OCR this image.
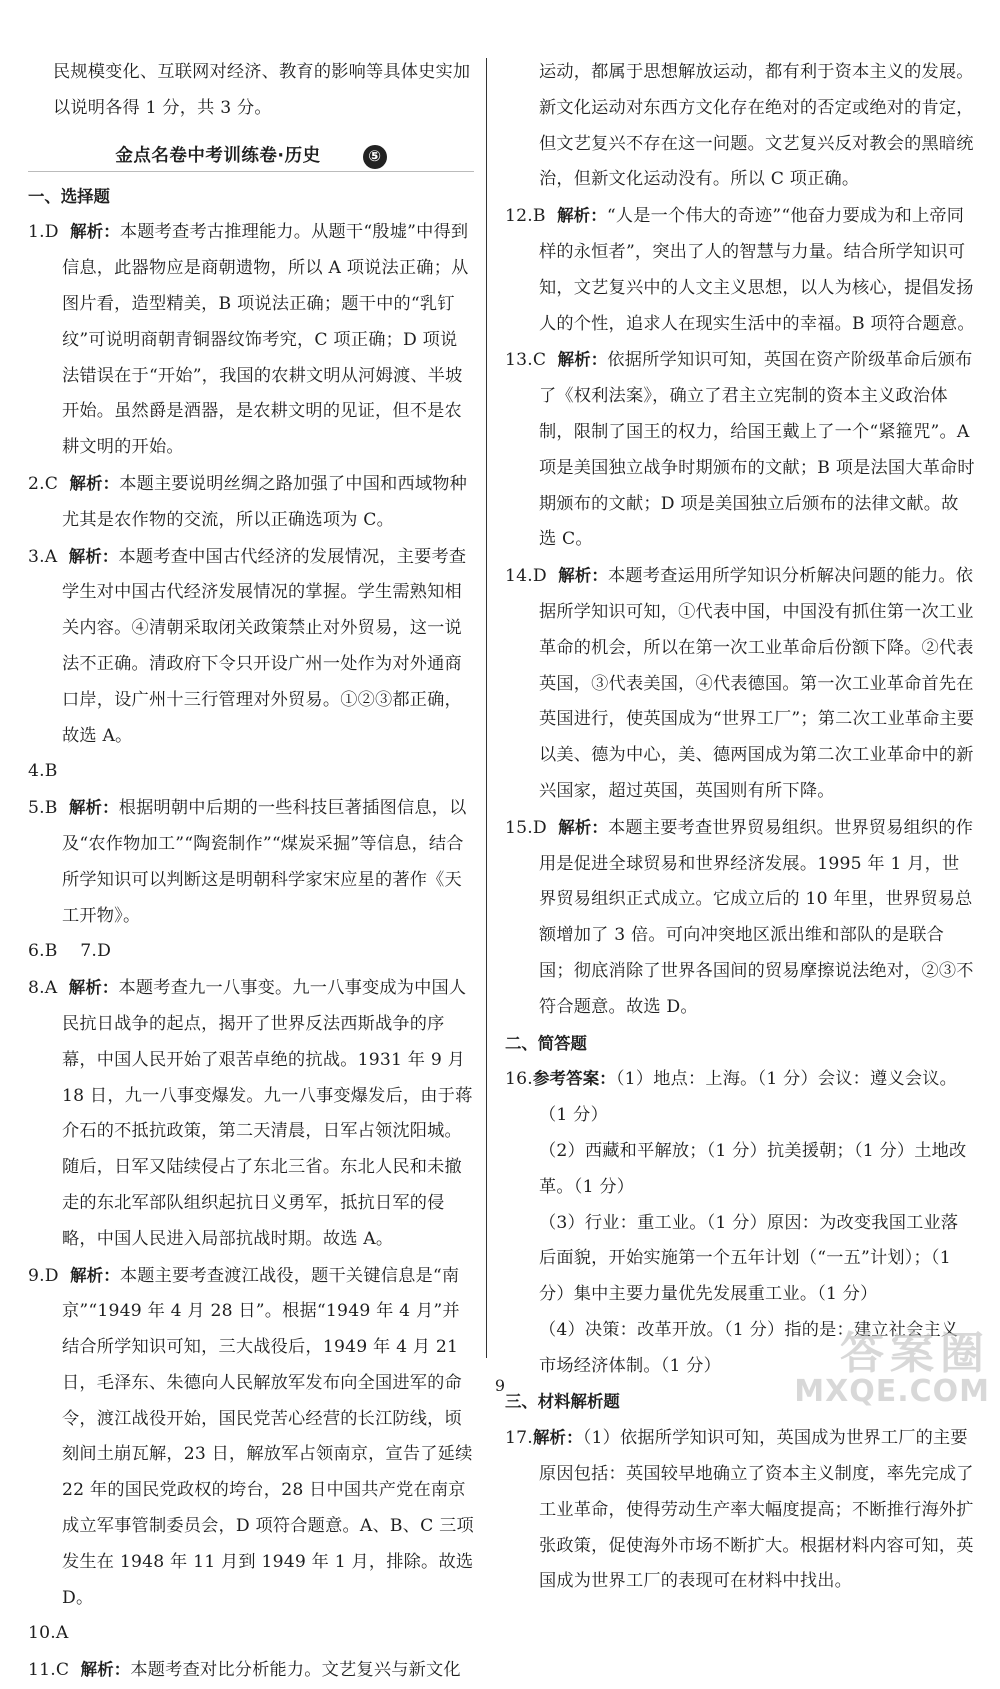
民规模变化、互联网对经济、教育的影响等具体史实加
以说明各得 1 分，共 3 分。
金点名卷中考训练卷·历史	⑤
一、选择题
1.D 解析：本题考查考古推理能力。从题干“殷墟”中得到信息，此器物应是商朝遗物，所以 A 项说法正确；从图片看，造型精美，B 项说法正确；题干中的“乳钉纹”可说明商朝青铜器纹饰考究，C 项正确；D 项说法错误在于“开始”，我国的农耕文明从河姆渡、半坡开始。虽然爵是酒器，是农耕文明的见证，但不是农耕文明的开始。
2.C 解析：本题主要说明丝绸之路加强了中国和西域物种尤其是农作物的交流，所以正确选项为 C。
3.A 解析：本题考查中国古代经济的发展情况，主要考查学生对中国古代经济发展情况的掌握。学生需熟知相关内容。④清朝采取闭关政策禁止对外贸易，这一说法不正确。清政府下令只开设广州一处作为对外通商口岸，设广州十三行管理对外贸易。①②③都正确，故选 A。
4.B
5.B 解析：根据明朝中后期的一些科技巨著插图信息，以及“农作物加工”“陶瓷制作”“煤炭采掘”等信息，结合所学知识可以判断这是明朝科学家宋应星的著作《天工开物》。
6.B 7.D
8.A 解析：本题考查九一八事变。九一八事变成为中国人民抗日战争的起点，揭开了世界反法西斯战争的序幕，中国人民开始了艰苦卓绝的抗战。1931 年 9 月 18 日，九一八事变爆发。九一八事变爆发后，由于蒋介石的不抵抗政策，第二天清晨，日军占领沈阳城。随后，日军又陆续侵占了东北三省。东北人民和未撤走的东北军部队组织起抗日义勇军，抵抗日军的侵略，中国人民进入局部抗战时期。故选 A。
9.D 解析：本题主要考查渡江战役，题干关键信息是“南京”“1949 年 4 月 28 日”。根据“1949 年 4 月”并结合所学知识可知，三大战役后，1949 年 4 月 21 日，毛泽东、朱德向人民解放军发布向全国进军的命令，渡江战役开始，国民党苦心经营的长江防线，顷刻间土崩瓦解，23 日，解放军占领南京，宣告了延续 22 年的国民党政权的垮台，28 日中国共产党在南京成立军事管制委员会，D 项符合题意。A、B、C 三项发生在 1948 年 11 月到 1949 年 1 月，排除。故选 D。
10.A
11.C 解析：本题考查对比分析能力。文艺复兴与新文化
运动，都属于思想解放运动，都有利于资本主义的发展。新文化运动对东西方文化存在绝对的否定或绝对的肯定，但文艺复兴不存在这一问题。文艺复兴反对教会的黑暗统治，但新文化运动没有。所以 C 项正确。
12.B 解析：“人是一个伟大的奇迹”“他奋力要成为和上帝同样的永恒者”，突出了人的智慧与力量。结合所学知识可知，文艺复兴中的人文主义思想，以人为核心，提倡发扬人的个性，追求人在现实生活中的幸福。B 项符合题意。
13.C 解析：依据所学知识可知，英国在资产阶级革命后颁布了《权利法案》，确立了君主立宪制的资本主义政治体制，限制了国王的权力，给国王戴上了一个“紧箍咒”。A 项是美国独立战争时期颁布的文献；B 项是法国大革命时期颁布的文献；D 项是美国独立后颁布的法律文献。故选 C。
14.D 解析：本题考查运用所学知识分析解决问题的能力。依据所学知识可知，①代表中国，中国没有抓住第一次工业革命的机会，所以在第一次工业革命后份额下降。②代表英国，③代表美国，④代表德国。第一次工业革命首先在英国进行，使英国成为“世界工厂”；第二次工业革命主要以美、德为中心，美、德两国成为第二次工业革命中的新兴国家，超过英国，英国则有所下降。
15.D 解析：本题主要考查世界贸易组织。世界贸易组织的作用是促进全球贸易和世界经济发展。1995 年 1 月，世界贸易组织正式成立。它成立后的 10 年里，世界贸易总额增加了 3 倍。可向冲突地区派出维和部队的是联合国；彻底消除了世界各国间的贸易摩擦说法绝对，②③不符合题意。故选 D。
二、简答题
16.参考答案：（1）地点：上海。（1 分）会议：遵义会议。（1 分）
（2）西藏和平解放；（1 分）抗美援朝；（1 分）土地改革。（1 分）
（3）行业：重工业。（1 分）原因：为改变我国工业落后面貌，开始实施第一个五年计划（“一五”计划）；（1 分）集中主要力量优先发展重工业。（1 分）
（4）决策：改革开放。（1 分）指的是：建立社会主义市场经济体制。（1 分）
三、材料解析题
17.解析：（1）依据所学知识可知，英国成为世界工厂的主要原因包括：英国较早地确立了资本主义制度，率先完成了工业革命，使得劳动生产率大幅度提高；不断推行海外扩张政策，促使海外市场不断扩大。根据材料内容可知，英国成为世界工厂的表现可在材料中找出。
9
答案圈
MXQE.COM
